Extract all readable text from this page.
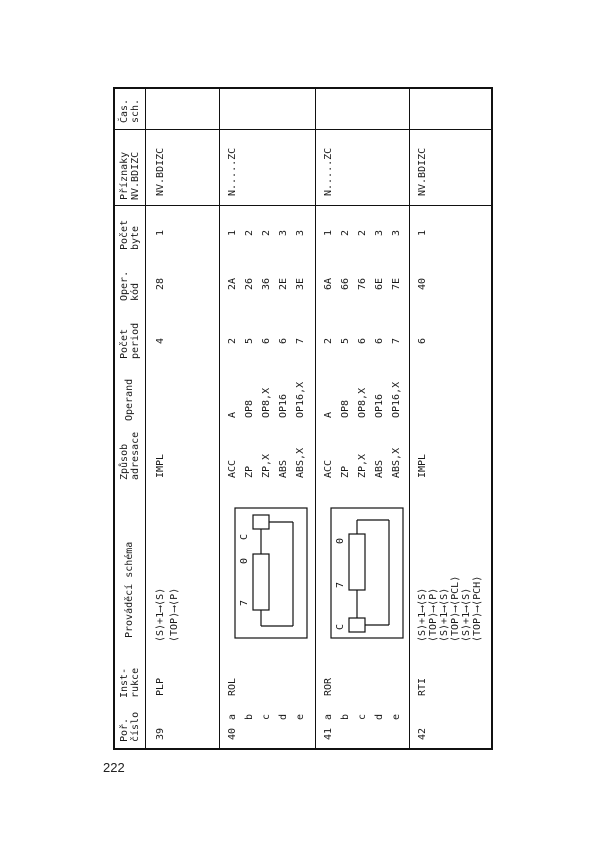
222
Poř.
číslo
Inst-
rukce
Prováděcí schéma
Způsob
adresace
Operand
Počet
period
Oper.
kód
Počet
byte
Příznaky
NV.BDIZC
Čas.
sch.
39
PLP
⟨S⟩+1⟶⟨S⟩ ⟨TOP⟩⟶⟨P⟩
IMPL
4
28
1
NV.BDIZC
40
a b c d e
ROL
7
0
C
ACC ZP ZP,X ABS ABS,X
A OP8 OP8,X OP16 OP16,X
2 5 6 6 7
2A 26 36 2E 3E
1 2 2 3 3
N.....ZC
41
a b c d e
ROR
C
7
0
ACC ZP ZP,X ABS ABS,X
A OP8 OP8,X OP16 OP16,X
2 5 6 6 7
6A 66 76 6E 7E
1 2 2 3 3
N.....ZC
42
RTI
⟨S⟩+1⟶⟨S⟩ ⟨TOP⟩⟶⟨P⟩ ⟨S⟩+1⟶⟨S⟩ ⟨TOP⟩⟶⟨PCL⟩ ⟨S⟩+1⟶⟨S⟩ ⟨TOP⟩⟶⟨PCH⟩
IMPL
6
40
1
NV.BDIZC
